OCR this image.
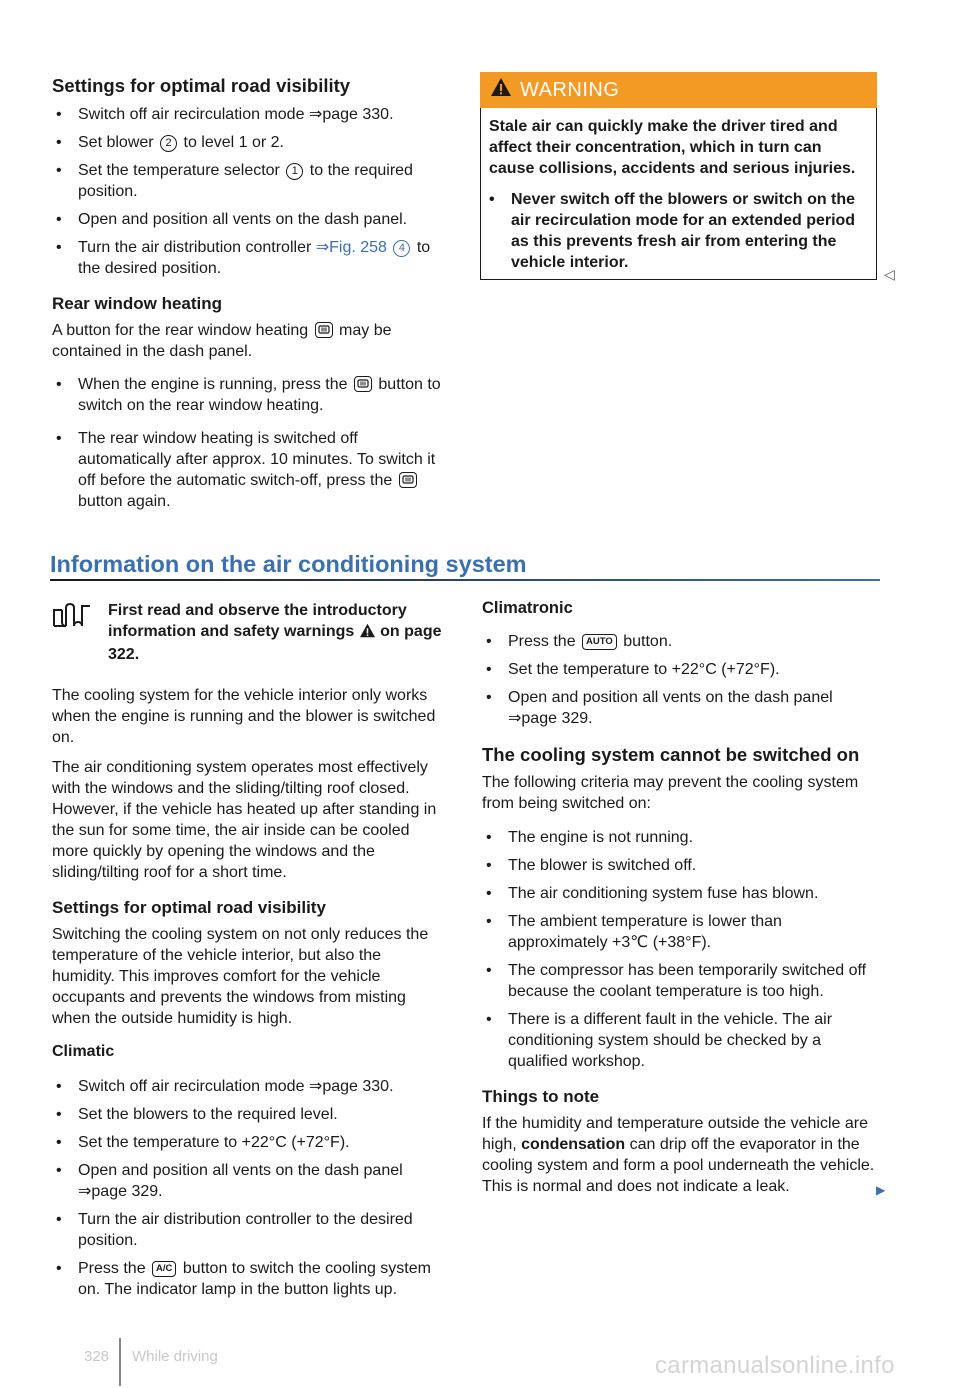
Settings for optimal road visibility

•	Switch off air recirculation mode ⇒page 330.
•	Set blower 2 to level 1 or 2.
•	Set the temperature selector 1 to the required position.
•	Open and position all vents on the dash panel.
•	Turn the air distribution controller ⇒Fig. 258 4 to the desired position.

Rear window heating

A button for the rear window heating
may be contained in the dash panel.

•	When the engine is running, press the
button to switch on the rear window heating.
•	The rear window heating is switched off automatically after approx. 10 minutes. To switch it off before the automatic switch-off, press the
button again.
WARNING

Stale air can quickly make the driver tired and affect their concentration, which in turn can cause collisions, accidents and serious injuries.

•	Never switch off the blowers or switch on the air recirculation mode for an extended period as this prevents fresh air from entering the vehicle interior.
◁
Information on the air conditioning system
First read and observe the introductory information and safety warnings  on page 322.

The cooling system for the vehicle interior only works when the engine is running and the blower is switched on.

The air conditioning system operates most effectively with the windows and the sliding/tilting roof closed. However, if the vehicle has heated up after standing in the sun for some time, the air inside can be cooled more quickly by opening the windows and the sliding/tilting roof for a short time.

Settings for optimal road visibility

Switching the cooling system on not only reduces the temperature of the vehicle interior, but also the humidity. This improves comfort for the vehicle occupants and prevents the windows from misting when the outside humidity is high.

Climatic

•	Switch off air recirculation mode ⇒page 330.
•	Set the blowers to the required level.
•	Set the temperature to +22°C (+72°F).
•	Open and position all vents on the dash panel ⇒page 329.
•	Turn the air distribution controller to the desired position.
•	Press the A/C button to switch the cooling system on. The indicator lamp in the button lights up.

Climatronic

•	Press the AUTO button.
•	Set the temperature to +22°C (+72°F).
•	Open and position all vents on the dash panel ⇒page 329.

The cooling system cannot be switched on

The following criteria may prevent the cooling system from being switched on:

•	The engine is not running.
•	The blower is switched off.
•	The air conditioning system fuse has blown.
•	The ambient temperature is lower than approximately +3℃ (+38°F).
•	The compressor has been temporarily switched off because the coolant temperature is too high.
•	There is a different fault in the vehicle. The air conditioning system should be checked by a qualified workshop.

Things to note

If the humidity and temperature outside the vehicle are high, condensation can drip off the evaporator in the cooling system and form a pool underneath the vehicle. This is normal and does not indicate a leak.	▶
328 While driving	carmanualsonline.info
